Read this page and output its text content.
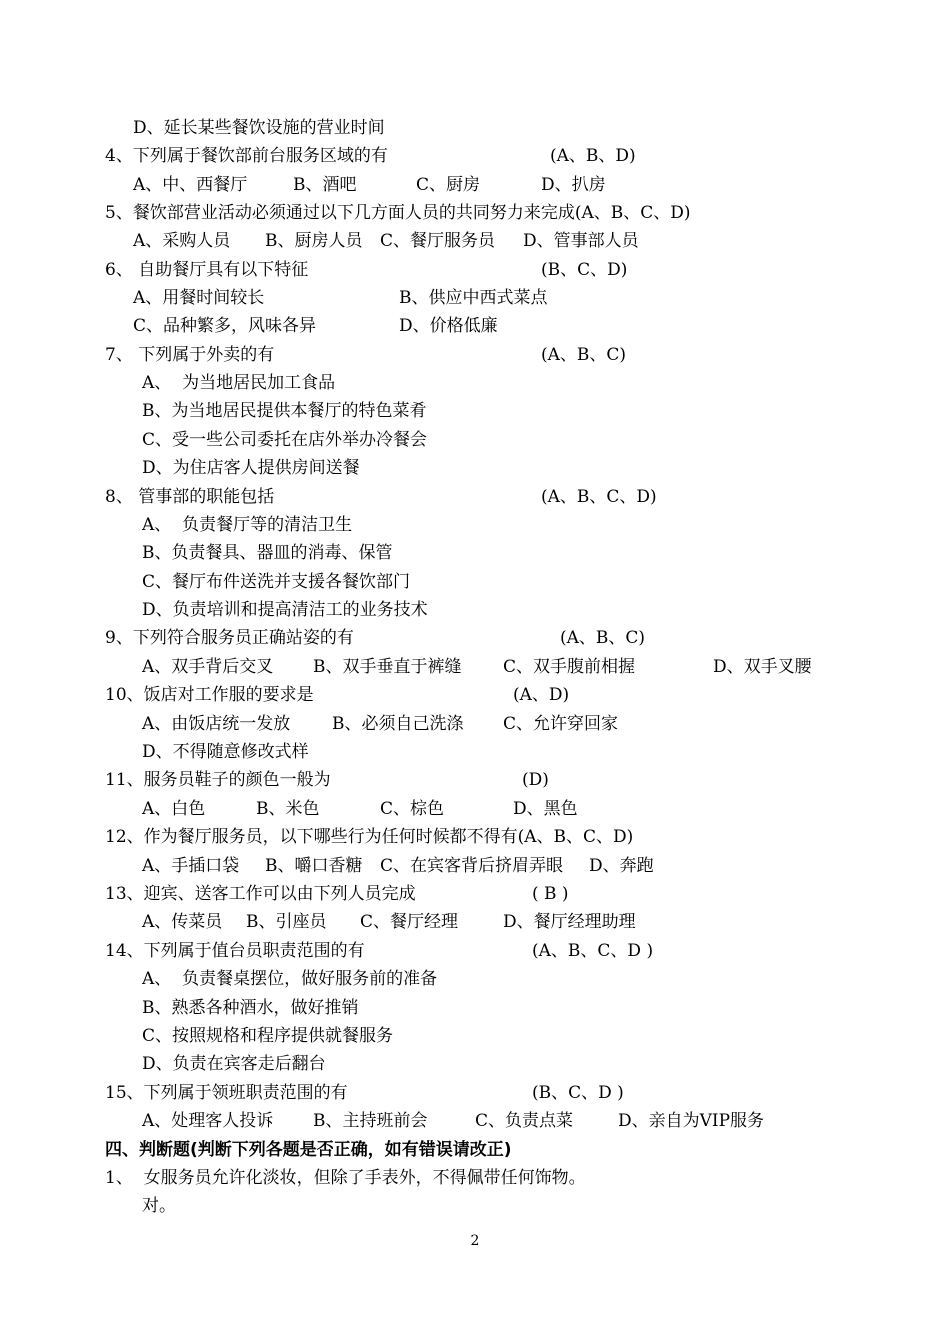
D、延长某些餐饮设施的营业时间
4、下列属于餐饮部前台服务区域的有	(A、B、D)
A、中、西餐厅	B、酒吧	C、厨房	D、扒房
5、餐饮部营业活动必须通过以下几方面人员的共同努力来完成(A、B、C、D)
A、采购人员 B、厨房人员 C、餐厅服务员 D、管事部人员
6、 自助餐厅具有以下特征	(B、C、D)
A、用餐时间较长	B、供应中西式菜点
C、品种繁多，风味各异	D、价格低廉
7、 下列属于外卖的有	(A、B、C)
A、  为当地居民加工食品
B、为当地居民提供本餐厅的特色菜肴
C、受一些公司委托在店外举办冷餐会
D、为住店客人提供房间送餐
8、 管事部的职能包括	(A、B、C、D)
A、  负责餐厅等的清洁卫生
B、负责餐具、器皿的消毒、保管
C、餐厅布件送洗并支援各餐饮部门
D、负责培训和提高清洁工的业务技术
9、下列符合服务员正确站姿的有	(A、B、C)
A、双手背后交叉 B、双手垂直于裤缝 C、双手腹前相握	D、双手叉腰
10、饭店对工作服的要求是	(A、D)
A、由饭店统一发放 B、必须自己洗涤 C、允许穿回家
D、不得随意修改式样
11、服务员鞋子的颜色一般为	(D)
A、白色	B、米色	C、棕色	D、黑色
12、作为餐厅服务员，以下哪些行为任何时候都不得有(A、B、C、D)
A、手插口袋 B、嚼口香糖 C、在宾客背后挤眉弄眼 D、奔跑
13、迎宾、送客工作可以由下列人员完成	( B )
A、传菜员 B、引座员 C、餐厅经理	D、餐厅经理助理
14、下列属于值台员职责范围的有	(A、B、C、D )
A、  负责餐桌摆位，做好服务前的准备
B、熟悉各种酒水，做好推销
C、按照规格和程序提供就餐服务
D、负责在宾客走后翻台
15、下列属于领班职责范围的有	(B、C、D )
A、处理客人投诉 B、主持班前会	C、负责点菜	D、亲自为VIP服务
四、判断题(判断下列各题是否正确，如有错误请改正)
1、  女服务员允许化淡妆，但除了手表外，不得佩带任何饰物。
对。
2
